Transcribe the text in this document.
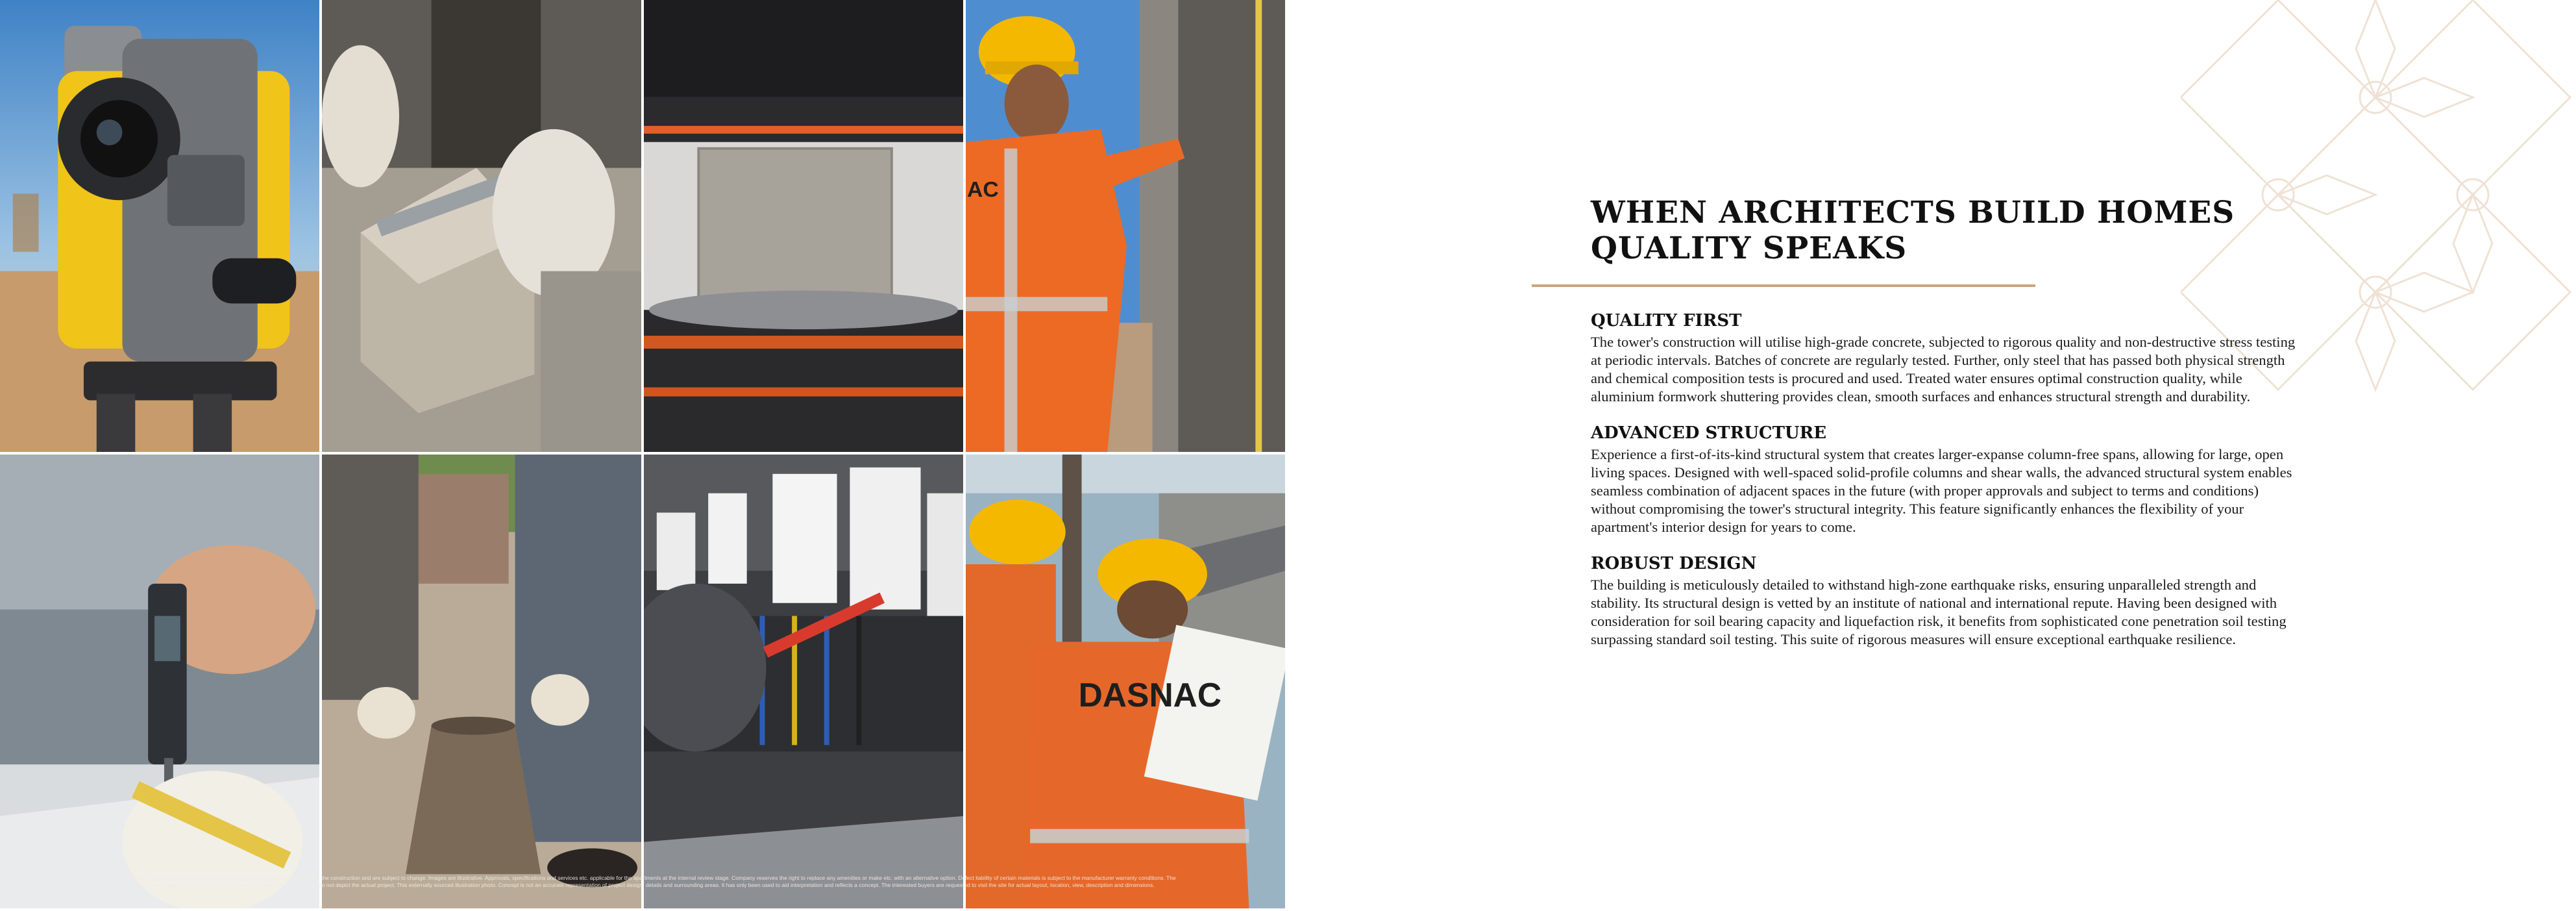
AC
DASNAC

The features, specifications and services etc. as stated in this page are indicative of the construction and are subject to change. Images are illustrative. Approvals, specifications and services etc. applicable for the apartments at the internal review stage. Company reserves the right to replace any amenities or make etc. with an alternative option. Defect liability of certain materials is subject to the manufacturer warranty conditions. The contractor images are intended to set the tone for construction quality and do not depict the actual project. This externally sourced illustration photo. Concept is not an accurate representation of project design, details and surrounding areas. It has only been used to aid interpretation and reflects a concept. The interested buyers are requested to visit the site for actual layout, location, view, description and dimensions.

WHEN ARCHITECTS BUILD HOMES
QUALITY SPEAKS
QUALITY FIRST

The tower's construction will utilise high-grade concrete, subjected to rigorous quality and non-destructive stress testing at periodic intervals. Batches of concrete are regularly tested. Further, only steel that has passed both physical strength and chemical composition tests is procured and used. Treated water ensures optimal construction quality, while aluminium formwork shuttering provides clean, smooth surfaces and enhances structural strength and durability.

ADVANCED STRUCTURE

Experience a first-of-its-kind structural system that creates larger-expanse column-free spans, allowing for large, open living spaces. Designed with well-spaced solid-profile columns and shear walls, the advanced structural system enables seamless combination of adjacent spaces in the future (with proper approvals and subject to terms and conditions) without compromising the tower's structural integrity. This feature significantly enhances the flexibility of your apartment's interior design for years to come.

ROBUST DESIGN

The building is meticulously detailed to withstand high-zone earthquake risks, ensuring unparalleled strength and stability. Its structural design is vetted by an institute of national and international repute. Having been designed with consideration for soil bearing capacity and liquefaction risk, it benefits from sophisticated cone penetration soil testing surpassing standard soil testing. This suite of rigorous measures will ensure exceptional earthquake resilience.
